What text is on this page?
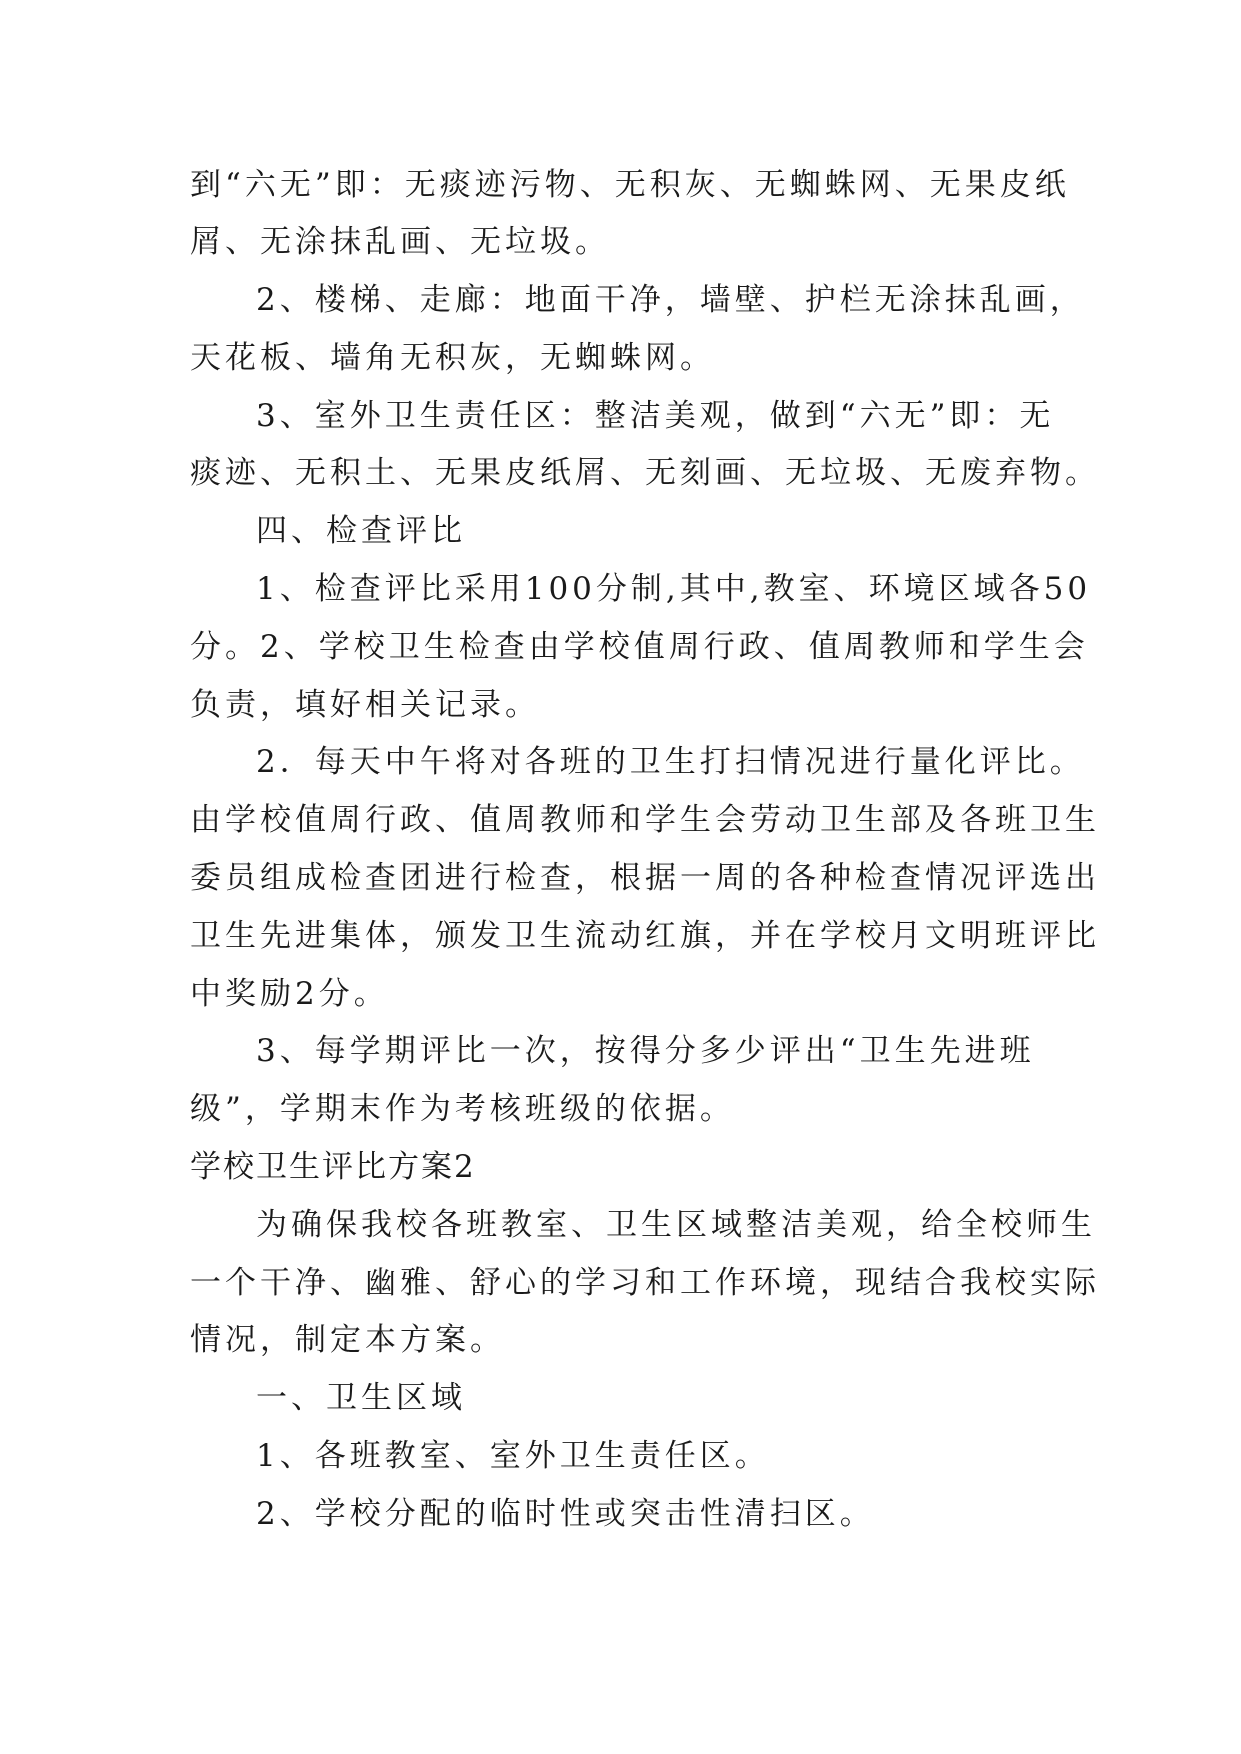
到“六无”即：无痰迹污物、无积灰、无蜘蛛网、无果皮纸
屑、无涂抹乱画、无垃圾。
2、楼梯、走廊：地面干净，墙壁、护栏无涂抹乱画，
天花板、墙角无积灰，无蜘蛛网。
3、室外卫生责任区：整洁美观，做到“六无”即：无
痰迹、无积土、无果皮纸屑、无刻画、无垃圾、无废弃物。
四、检查评比
1、检查评比采用100分制,其中,教室、环境区域各50
分。2、学校卫生检查由学校值周行政、值周教师和学生会
负责，填好相关记录。
2．每天中午将对各班的卫生打扫情况进行量化评比。
由学校值周行政、值周教师和学生会劳动卫生部及各班卫生
委员组成检查团进行检查，根据一周的各种检查情况评选出
卫生先进集体，颁发卫生流动红旗，并在学校月文明班评比
中奖励2分。
3、每学期评比一次，按得分多少评出“卫生先进班
级”，学期末作为考核班级的依据。
学校卫生评比方案2
为确保我校各班教室、卫生区域整洁美观，给全校师生
一个干净、幽雅、舒心的学习和工作环境，现结合我校实际
情况，制定本方案。
一、卫生区域
1、各班教室、室外卫生责任区。
2、学校分配的临时性或突击性清扫区。
